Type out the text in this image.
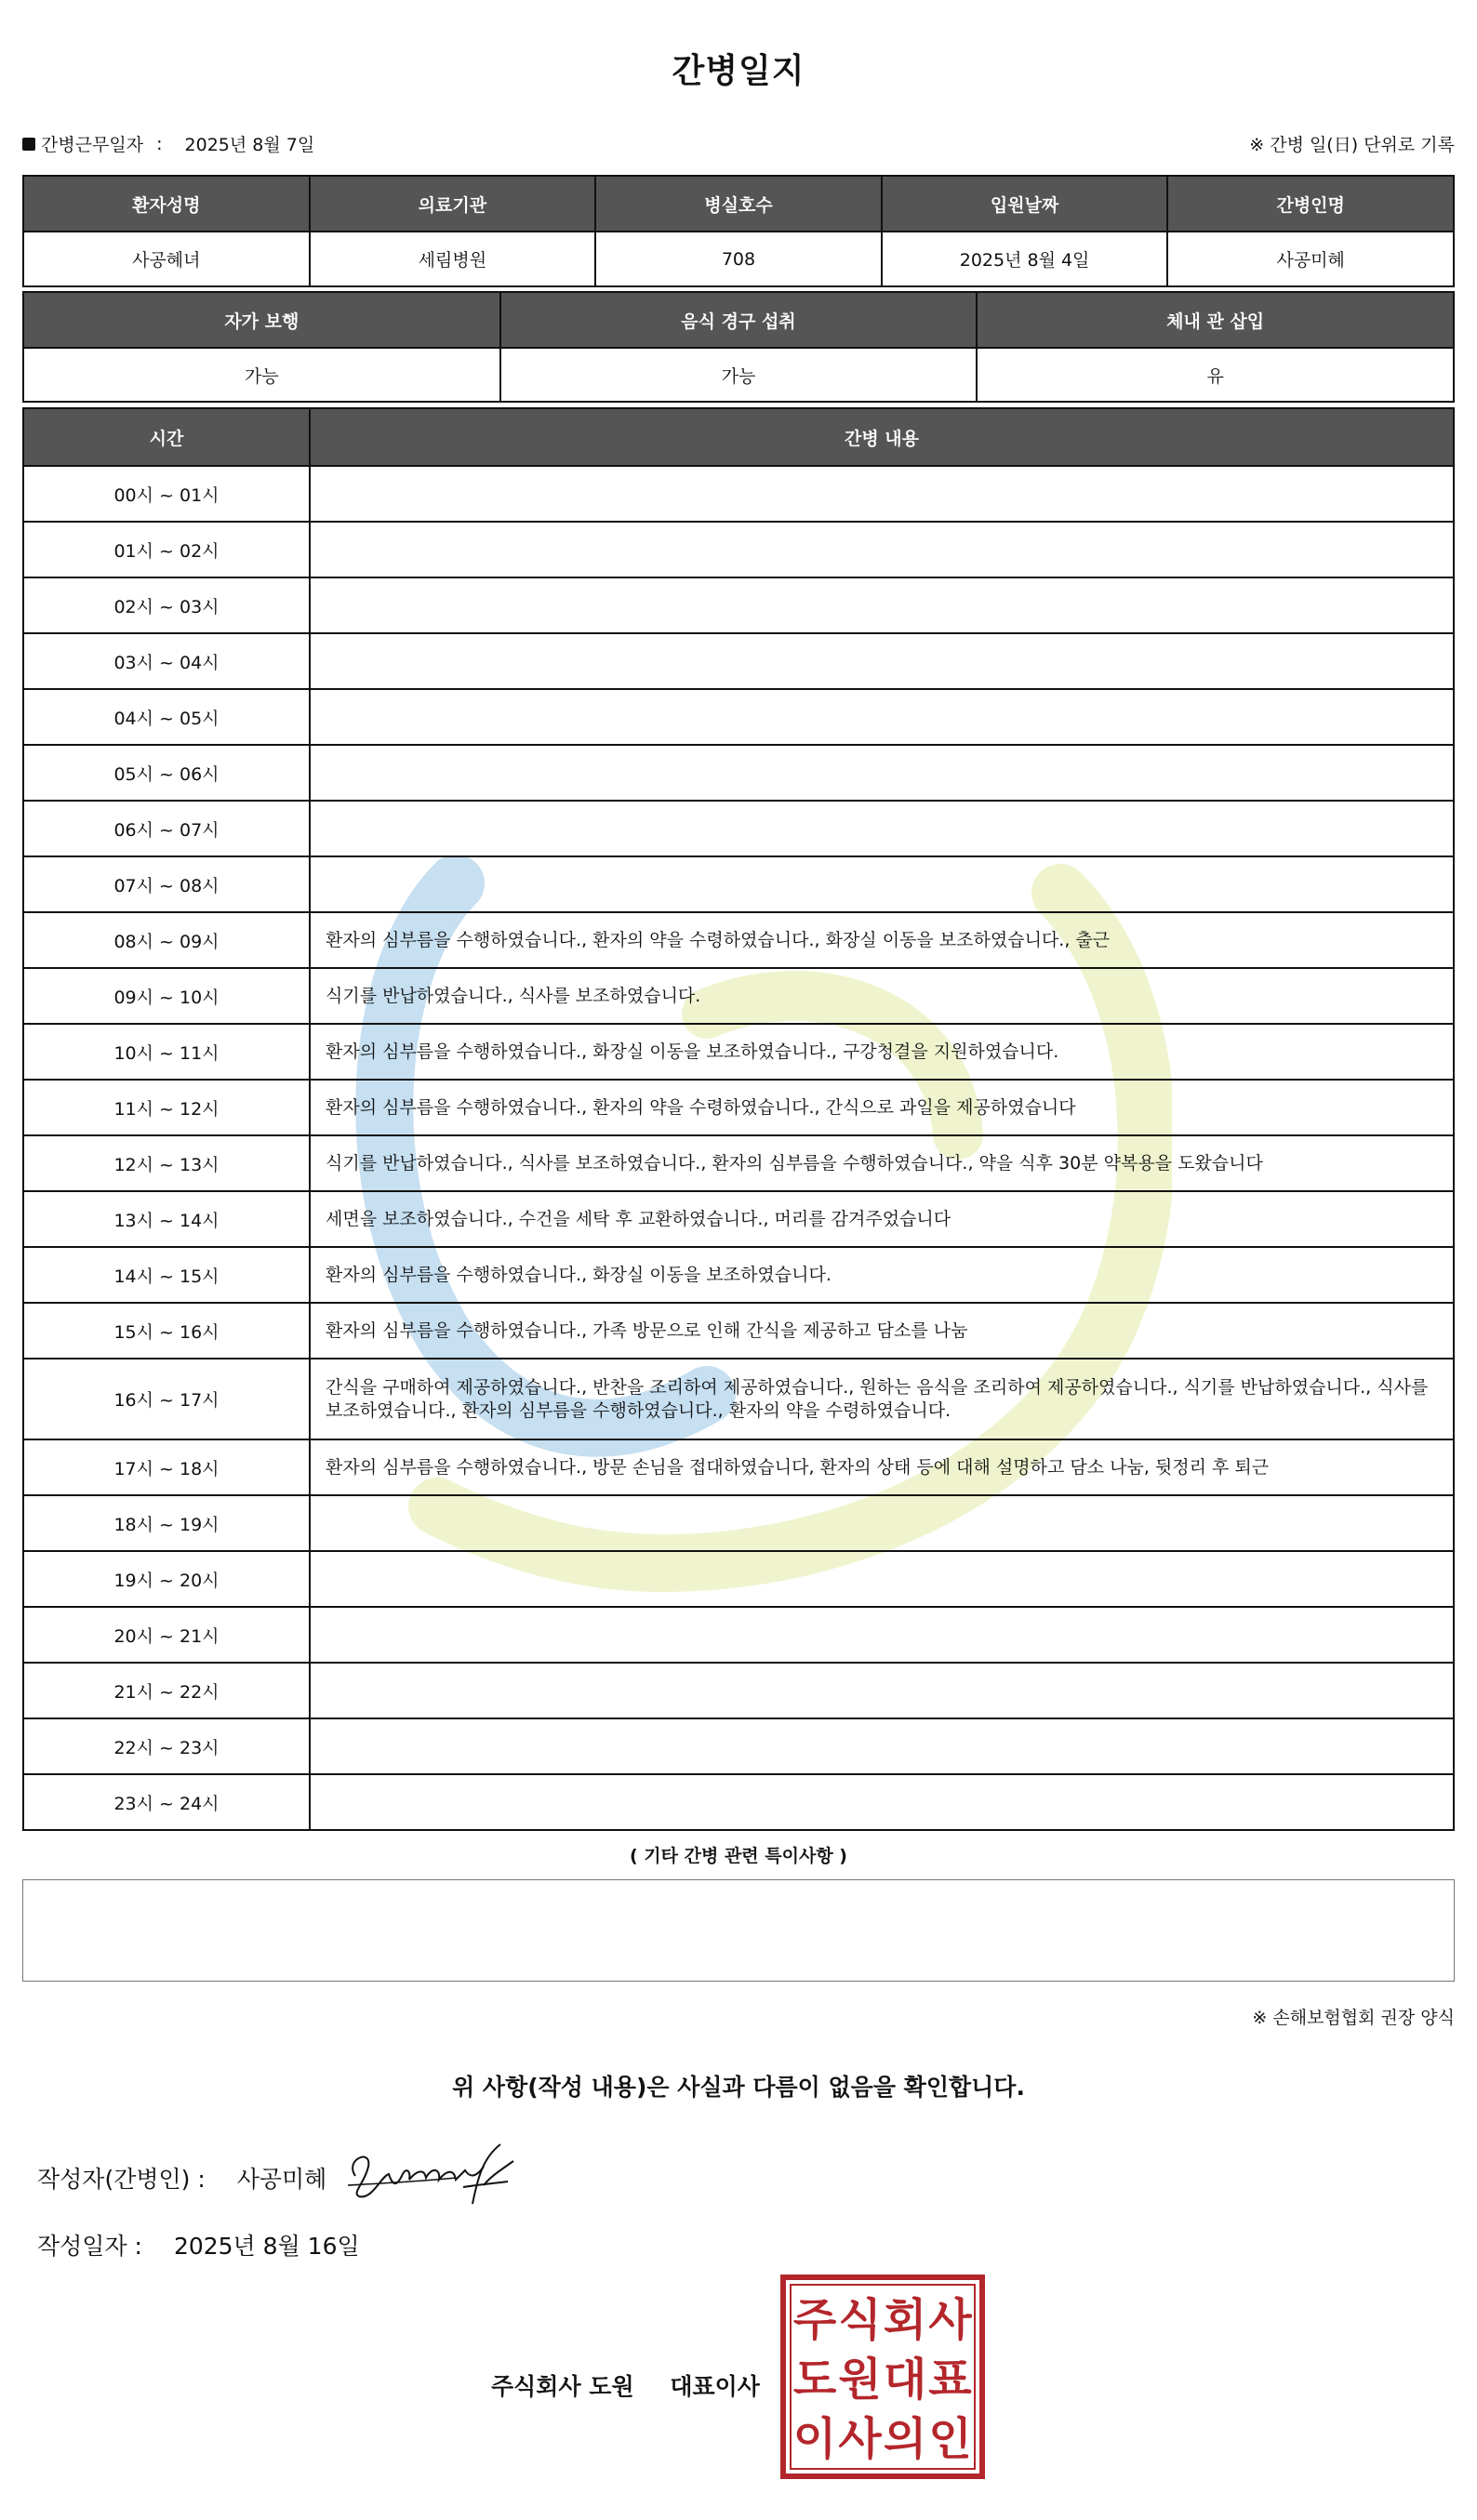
간병일지
간병근무일자 : 2025년 8월 7일	※ 간병 일(日) 단위로 기록
환자성명	의료기관	병실호수	입원날짜	간병인명
사공혜녀	세림병원	708	2025년 8월 4일	사공미혜
자가 보행	음식 경구 섭취	체내 관 삽입
가능	가능	유
시간	간병 내용
00시 ~ 01시	
01시 ~ 02시	
02시 ~ 03시	
03시 ~ 04시	
04시 ~ 05시	
05시 ~ 06시	
06시 ~ 07시	
07시 ~ 08시	
08시 ~ 09시	환자의 심부름을 수행하였습니다., 환자의 약을 수령하였습니다., 화장실 이동을 보조하였습니다., 출근
09시 ~ 10시	식기를 반납하였습니다., 식사를 보조하였습니다.
10시 ~ 11시	환자의 심부름을 수행하였습니다., 화장실 이동을 보조하였습니다., 구강청결을 지원하였습니다.
11시 ~ 12시	환자의 심부름을 수행하였습니다., 환자의 약을 수령하였습니다., 간식으로 과일을 제공하였습니다
12시 ~ 13시	식기를 반납하였습니다., 식사를 보조하였습니다., 환자의 심부름을 수행하였습니다., 약을 식후 30분 약복용을 도왔습니다
13시 ~ 14시	세면을 보조하였습니다., 수건을 세탁 후 교환하였습니다., 머리를 감겨주었습니다
14시 ~ 15시	환자의 심부름을 수행하였습니다., 화장실 이동을 보조하였습니다.
15시 ~ 16시	환자의 심부름을 수행하였습니다., 가족 방문으로 인해 간식을 제공하고 담소를 나눔
16시 ~ 17시	간식을 구매하여 제공하였습니다., 반찬을 조리하여 제공하였습니다., 원하는 음식을 조리하여 제공하였습니다., 식기를 반납하였습니다., 식사를 보조하였습니다., 환자의 심부름을 수행하였습니다., 환자의 약을 수령하였습니다.
17시 ~ 18시	환자의 심부름을 수행하였습니다., 방문 손님을 접대하였습니다, 환자의 상태 등에 대해 설명하고 담소 나눔, 뒷정리 후 퇴근
18시 ~ 19시	
19시 ~ 20시	
20시 ~ 21시	
21시 ~ 22시	
22시 ~ 23시	
23시 ~ 24시	
( 기타 간병 관련 특이사항 )
※ 손해보험협회 권장 양식
위 사항(작성 내용)은 사실과 다름이 없음을 확인합니다.
작성자(간병인) : 사공미혜
작성일자 : 2025년 8월 16일
주식회사 도원 대표이사
주 식 회 사
도 원 대 표
이 사 의 인
